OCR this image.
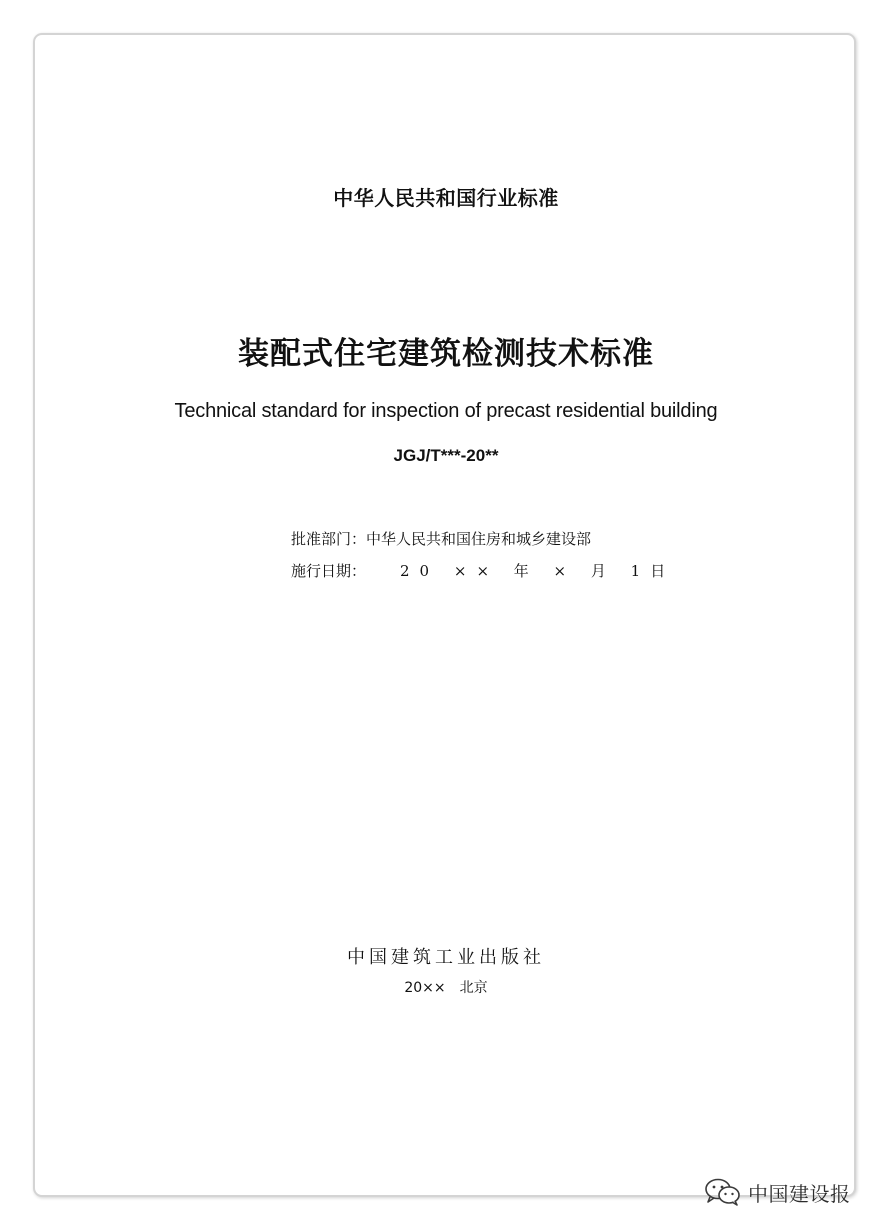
中华人民共和国行业标准
装配式住宅建筑检测技术标准
Technical standard for inspection of precast residential building
JGJ/T***-20**
批准部门：中华人民共和国住房和城乡建设部
施行日期： 20 ×× 年 × 月 1日
中国建筑工业出版社
20××　北京
中国建设报
